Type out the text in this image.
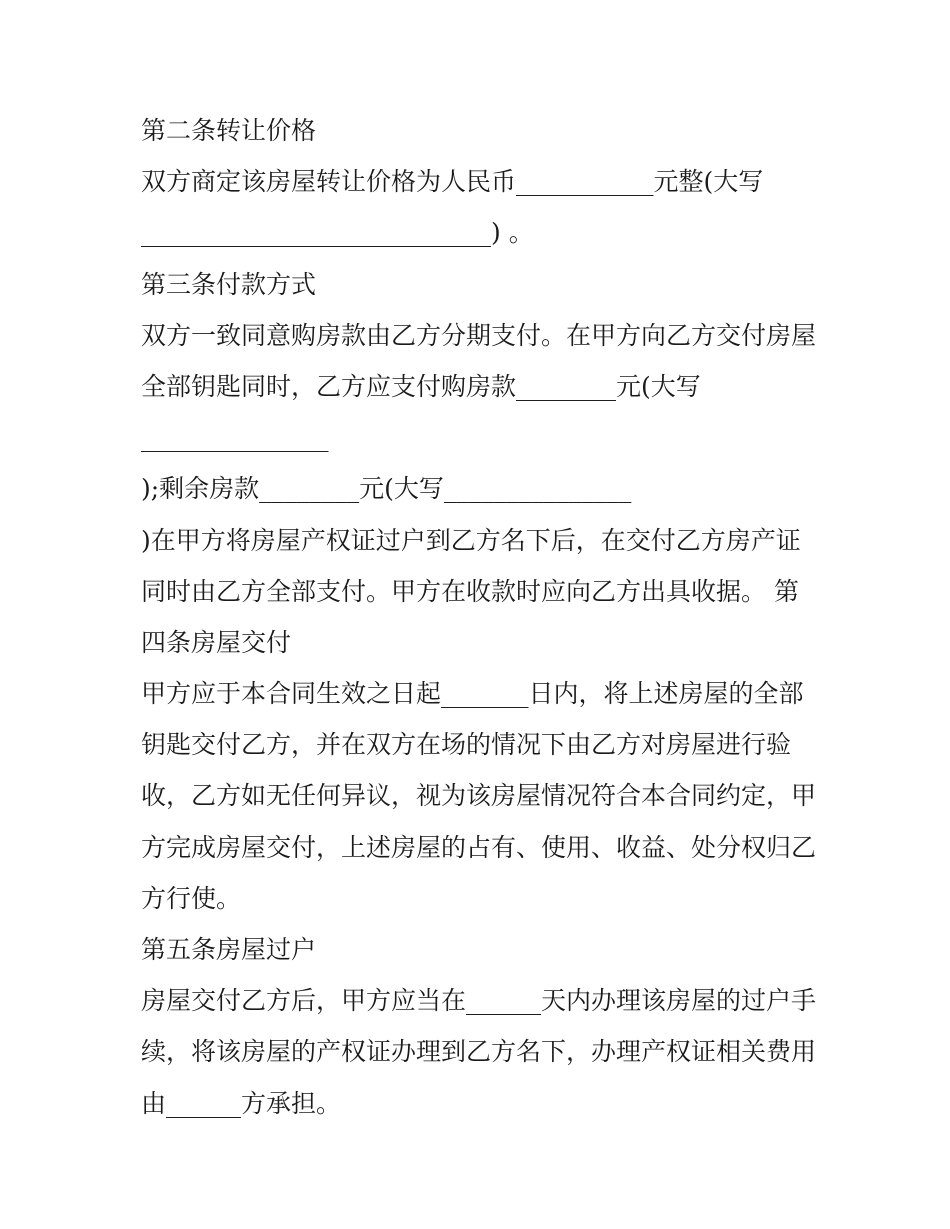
第二条转让价格
双方商定该房屋转让价格为人民币___________元整(大写
____________________________) 。
第三条付款方式
双方一致同意购房款由乙方分期支付。在甲方向乙方交付房屋
全部钥匙同时，乙方应支付购房款________元(大写
_______________
);剩余房款________元(大写_______________
)在甲方将房屋产权证过户到乙方名下后，在交付乙方房产证
同时由乙方全部支付。甲方在收款时应向乙方出具收据。 第
四条房屋交付
甲方应于本合同生效之日起_______日内，将上述房屋的全部
钥匙交付乙方，并在双方在场的情况下由乙方对房屋进行验
收，乙方如无任何异议，视为该房屋情况符合本合同约定，甲
方完成房屋交付，上述房屋的占有、使用、收益、处分权归乙
方行使。
第五条房屋过户
房屋交付乙方后，甲方应当在______天内办理该房屋的过户手
续，将该房屋的产权证办理到乙方名下，办理产权证相关费用
由______方承担。
